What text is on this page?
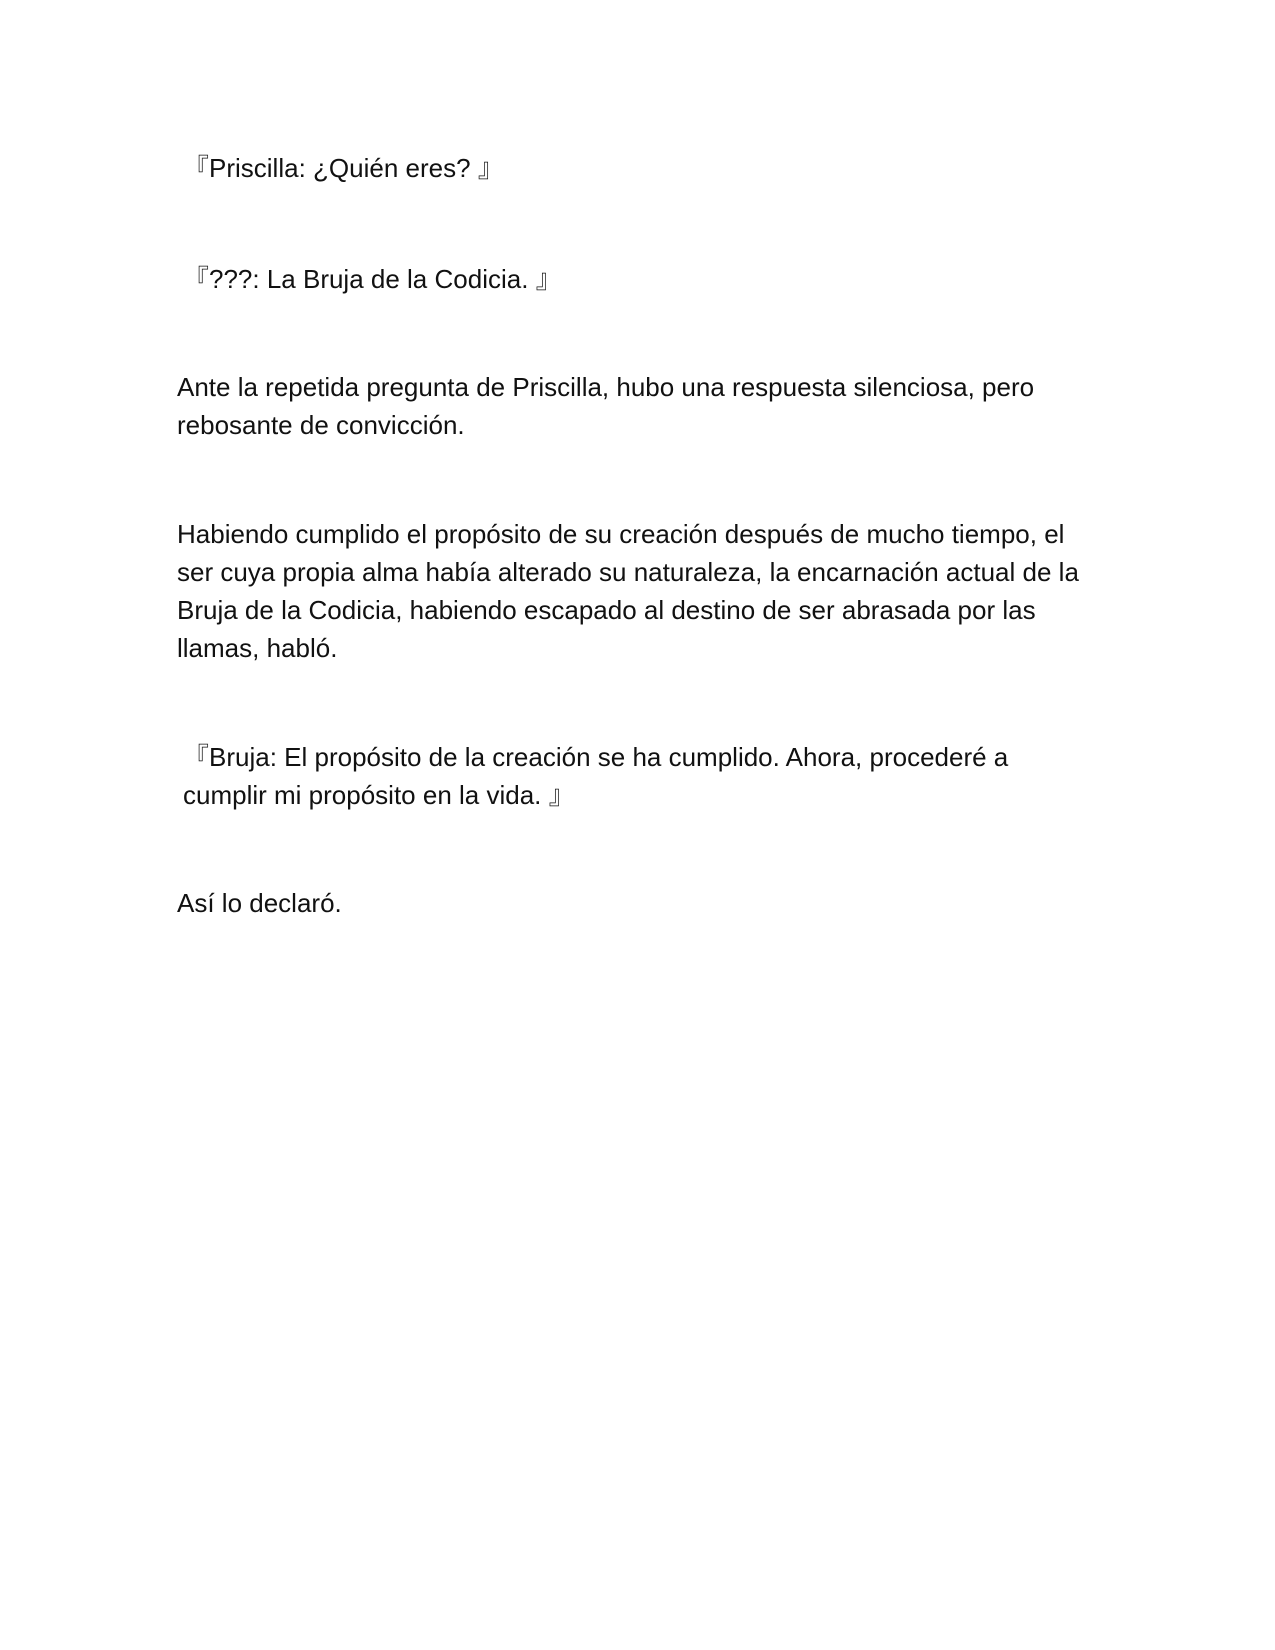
『Priscilla: ¿Quién eres? 』

『???: La Bruja de la Codicia. 』

Ante la repetida pregunta de Priscilla, hubo una respuesta silenciosa, pero
rebosante de convicción.

Habiendo cumplido el propósito de su creación después de mucho tiempo, el
ser cuya propia alma había alterado su naturaleza, la encarnación actual de la
Bruja de la Codicia, habiendo escapado al destino de ser abrasada por las
llamas, habló.

『Bruja: El propósito de la creación se ha cumplido. Ahora, procederé a
cumplir mi propósito en la vida. 』

Así lo declaró.
